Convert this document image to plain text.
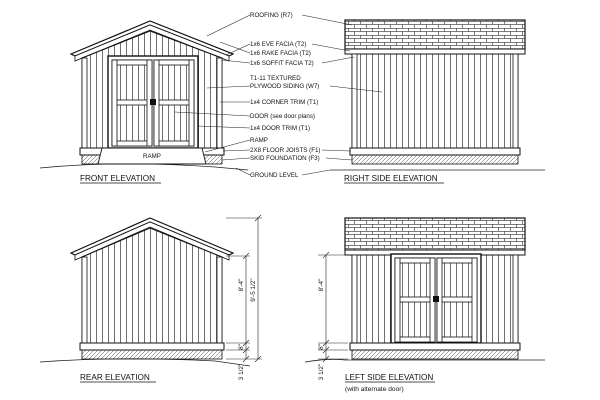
RAMP
FRONT ELEVATION	RIGHT SIDE ELEVATION
ROOFING (R7)
1x6 EVE FACIA (T2)
1x6 RAKE FACIA (T2)
1x6 SOFFIT FACIA T2)
T1-11 TEXTURED
PLYWOOD SIDING (W7)
1x4 CORNER TRIM (T1)
DOOR (see door plans)
1x4 DOOR TRIM (T1)
RAMP
2X8 FLOOR JOISTS (F1)
SKID FOUNDATION (F3)
GROUND LEVEL
8'-4" 9'-5 1/2"
8"
3 1/2"
REAR ELEVATION
8'-4"
8"
3 1/2" LEFT SIDE ELEVATION
(with alternate door)
